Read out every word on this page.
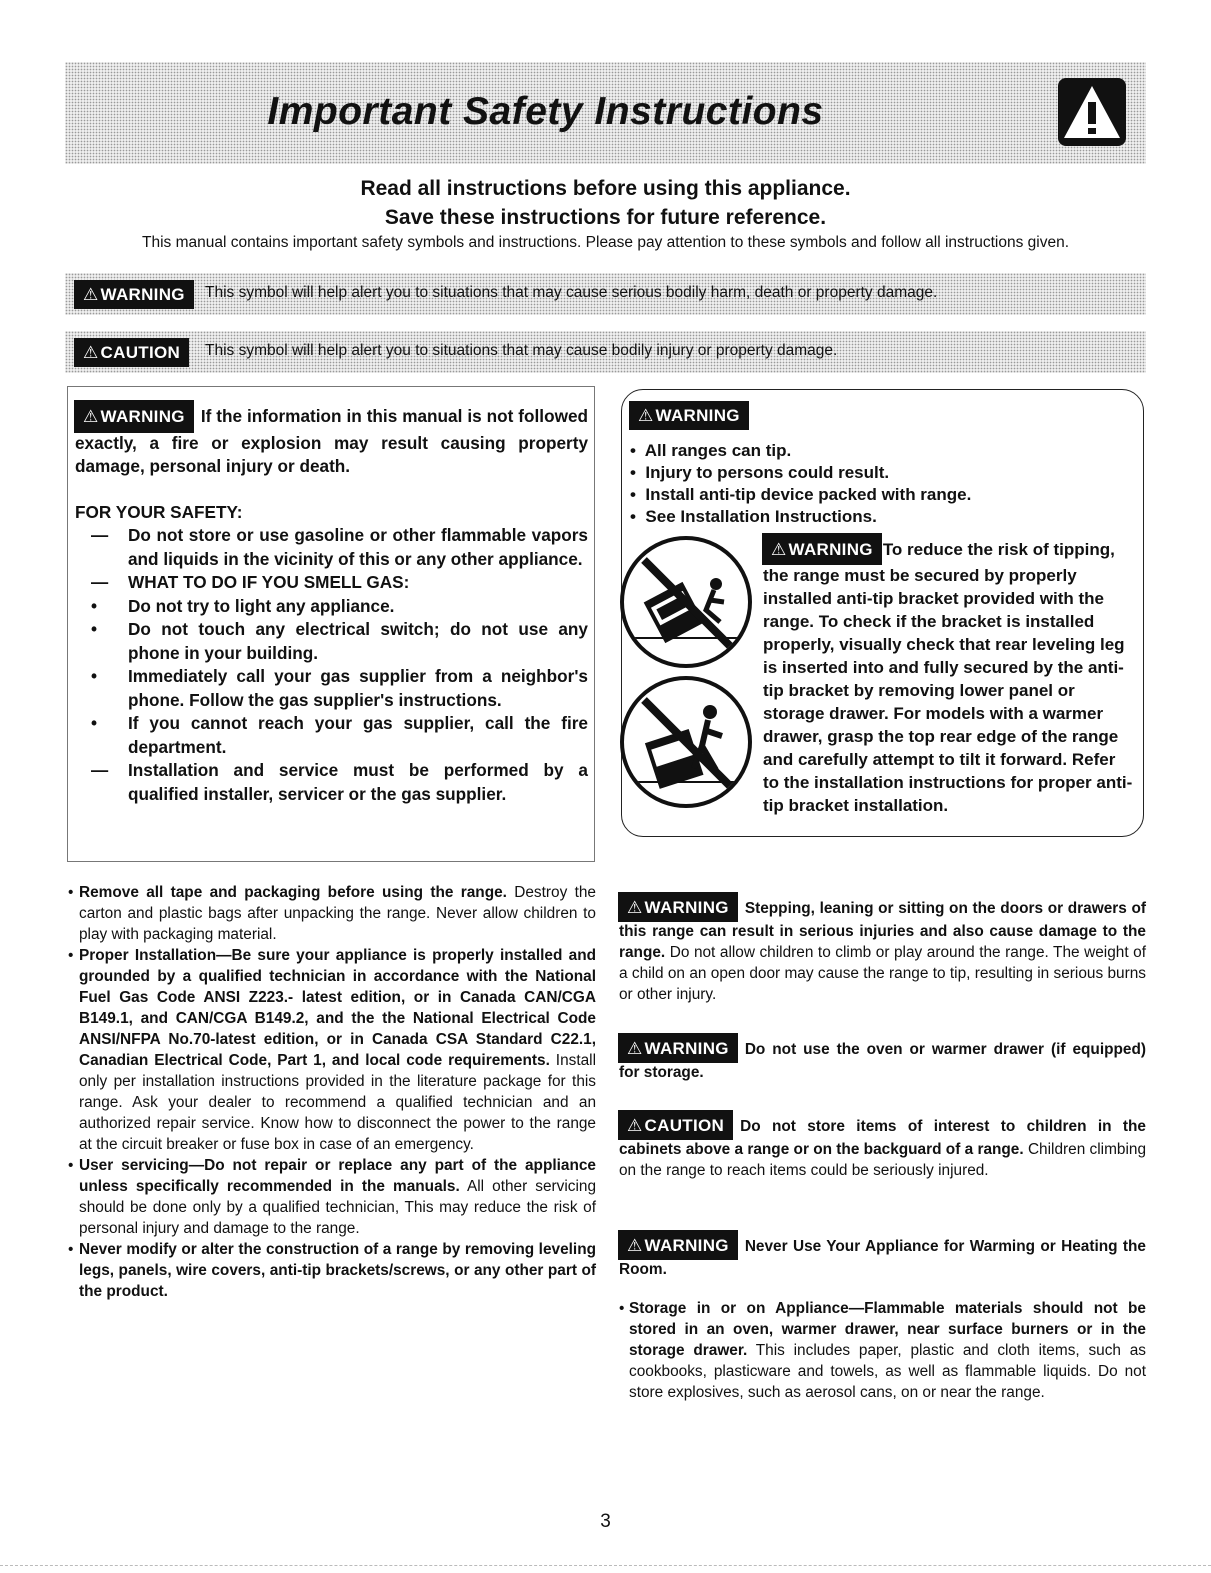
Important Safety Instructions
Read all instructions before using this appliance.
Save these instructions for future reference.
This manual contains important safety symbols and instructions. Please pay attention to these symbols and follow all instructions given.
⚠ WARNING	This symbol will help alert you to situations that may cause serious bodily harm, death or property damage.
⚠ CAUTION	This symbol will help alert you to situations that may cause bodily injury or property damage.

⚠ WARNING If the information in this manual is not followed exactly, a fire or explosion may result causing property damage, personal injury or death.

FOR YOUR SAFETY:

— Do not store or use gasoline or other flammable vapors and liquids in the vicinity of this or any other appliance.
— WHAT TO DO IF YOU SMELL GAS:
• Do not try to light any appliance.
• Do not touch any electrical switch; do not use any phone in your building.
• Immediately call your gas supplier from a neighbor's phone. Follow the gas supplier's instructions.
• If you cannot reach your gas supplier, call the fire department.
— Installation and service must be performed by a qualified installer, servicer or the gas supplier.
⚠ WARNING
•  All ranges can tip.
•  Injury to persons could result.
•  Install anti-tip device packed with range.
•  See Installation Instructions.
⚠ WARNING To reduce the risk of tipping, the range must be secured by properly installed anti-tip bracket provided with the range. To check if the bracket is installed properly, visually check that rear leveling leg is inserted into and fully secured by the anti-tip bracket by removing lower panel or storage drawer. For models with a warmer drawer, grasp the top rear edge of the range and carefully attempt to tilt it forward. Refer to the installation instructions for proper anti-tip bracket installation.

• Remove all tape and packaging before using the range. Destroy the carton and plastic bags after unpacking the range. Never allow children to play with packaging material.

• Proper Installation—Be sure your appliance is properly installed and grounded by a qualified technician in accordance with the National Fuel Gas Code ANSI Z223.- latest edition, or in Canada CAN/CGA B149.1, and CAN/CGA B149.2, and the the National Electrical Code ANSI/NFPA No.70-latest edition, or in Canada CSA Standard C22.1, Canadian Electrical Code, Part 1, and local code requirements. Install only per installation instructions provided in the literature package for this range. Ask your dealer to recommend a qualified technician and an authorized repair service. Know how to disconnect the power to the range at the circuit breaker or fuse box in case of an emergency.

• User servicing—Do not repair or replace any part of the appliance unless specifically recommended in the manuals. All other servicing should be done only by a qualified technician, This may reduce the risk of personal injury and damage to the range.

• Never modify or alter the construction of a range by removing leveling legs, panels, wire covers, anti-tip brackets/screws, or any other part of the product.

⚠ WARNING Stepping, leaning or sitting on the doors or drawers of this range can result in serious injuries and also cause damage to the range. Do not allow children to climb or play around the range. The weight of a child on an open door may cause the range to tip, resulting in serious burns or other injury.
⚠ WARNING Do not use the oven or warmer drawer (if equipped) for storage.
⚠ CAUTION Do not store items of interest to children in the cabinets above a range or on the backguard of a range. Children climbing on the range to reach items could be seriously injured.
⚠ WARNING Never Use Your Appliance for Warming or Heating the Room.
• Storage in or on Appliance—Flammable materials should not be stored in an oven, warmer drawer, near surface burners or in the storage drawer. This includes paper, plastic and cloth items, such as cookbooks, plasticware and towels, as well as flammable liquids. Do not store explosives, such as aerosol cans, on or near the range.
3
